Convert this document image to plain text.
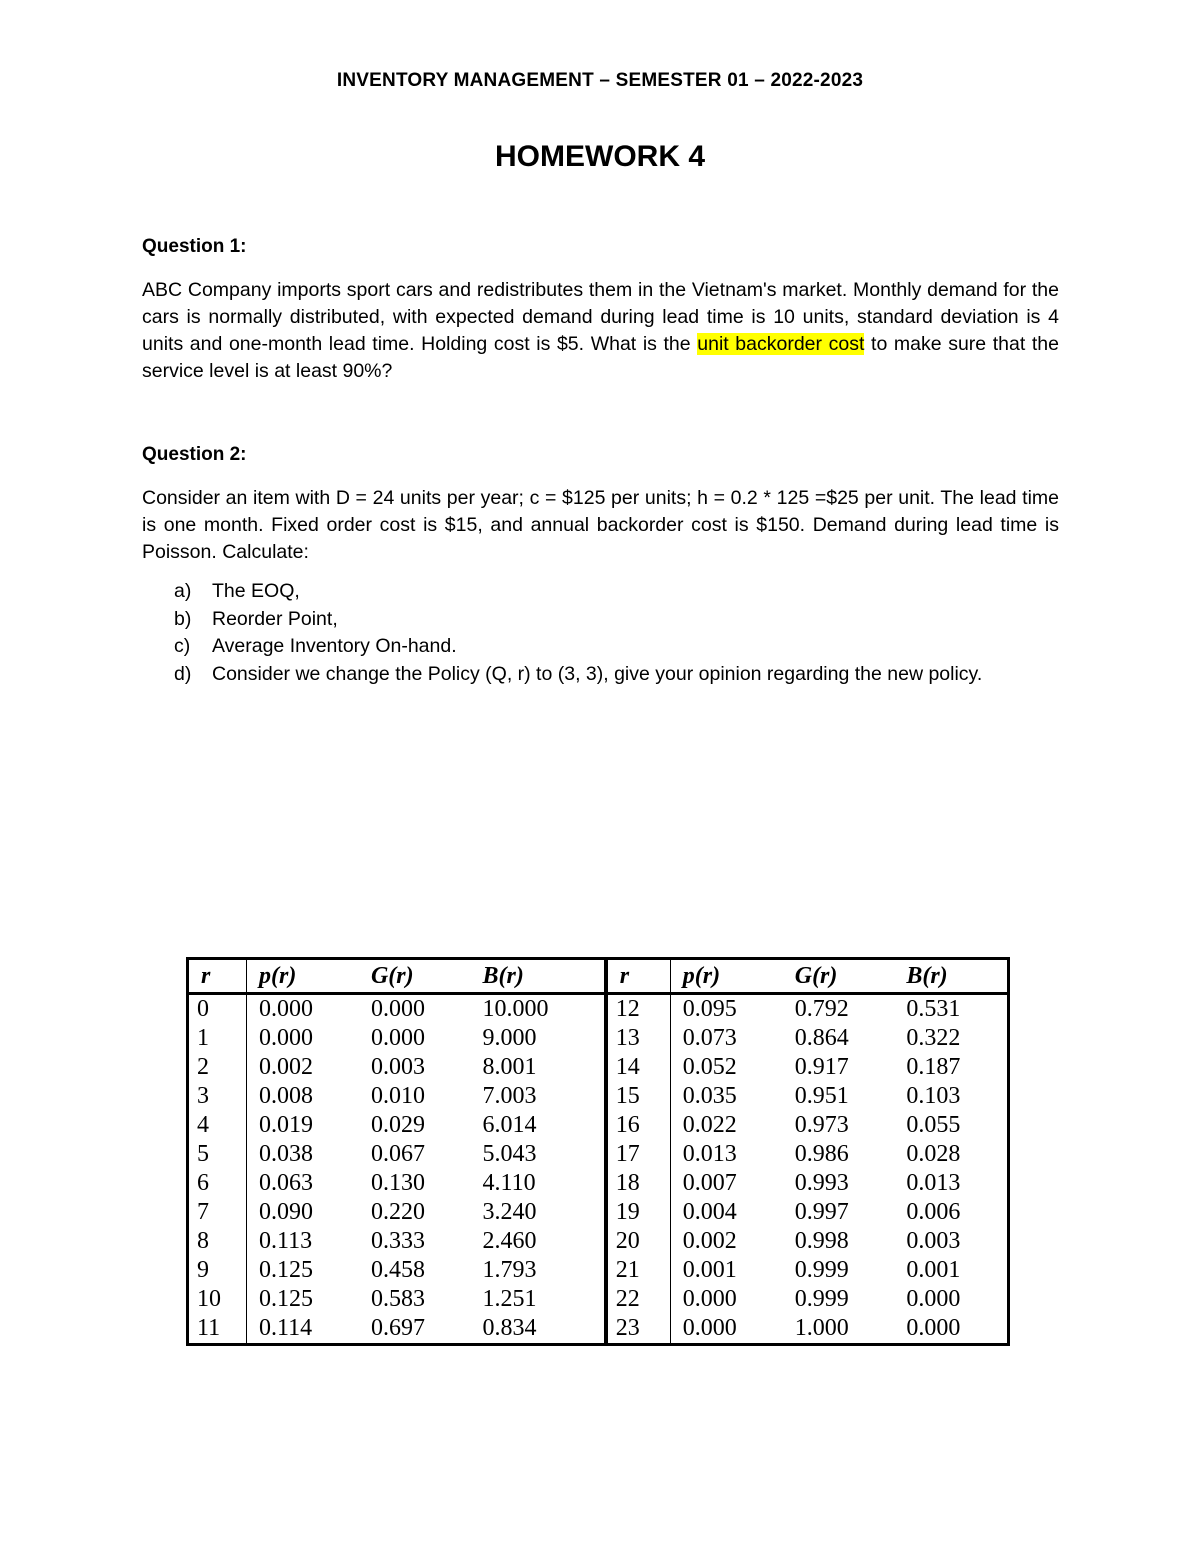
INVENTORY MANAGEMENT – SEMESTER 01 – 2022-2023
HOMEWORK 4
Question 1:
ABC Company imports sport cars and redistributes them in the Vietnam's market. Monthly demand for the cars is normally distributed, with expected demand during lead time is 10 units, standard deviation is 4 units and one-month lead time. Holding cost is $5. What is the unit backorder cost to make sure that the service level is at least 90%?
Question 2:
Consider an item with D = 24 units per year; c = $125 per units; h = 0.2 * 125 =$25 per unit. The lead time is one month. Fixed order cost is $15, and annual backorder cost is $150. Demand during lead time is Poisson. Calculate:
a)	The EOQ,
b)	Reorder Point,
c)	Average Inventory On-hand.
d)	Consider we change the Policy (Q, r) to (3, 3), give your opinion regarding the new policy.
r	p(r)	G(r)	B(r)	r	p(r)	G(r)	B(r)
0	0.000	0.000	10.000	12	0.095	0.792	0.531
1	0.000	0.000	9.000	13	0.073	0.864	0.322
2	0.002	0.003	8.001	14	0.052	0.917	0.187
3	0.008	0.010	7.003	15	0.035	0.951	0.103
4	0.019	0.029	6.014	16	0.022	0.973	0.055
5	0.038	0.067	5.043	17	0.013	0.986	0.028
6	0.063	0.130	4.110	18	0.007	0.993	0.013
7	0.090	0.220	3.240	19	0.004	0.997	0.006
8	0.113	0.333	2.460	20	0.002	0.998	0.003
9	0.125	0.458	1.793	21	0.001	0.999	0.001
10	0.125	0.583	1.251	22	0.000	0.999	0.000
11	0.114	0.697	0.834	23	0.000	1.000	0.000
